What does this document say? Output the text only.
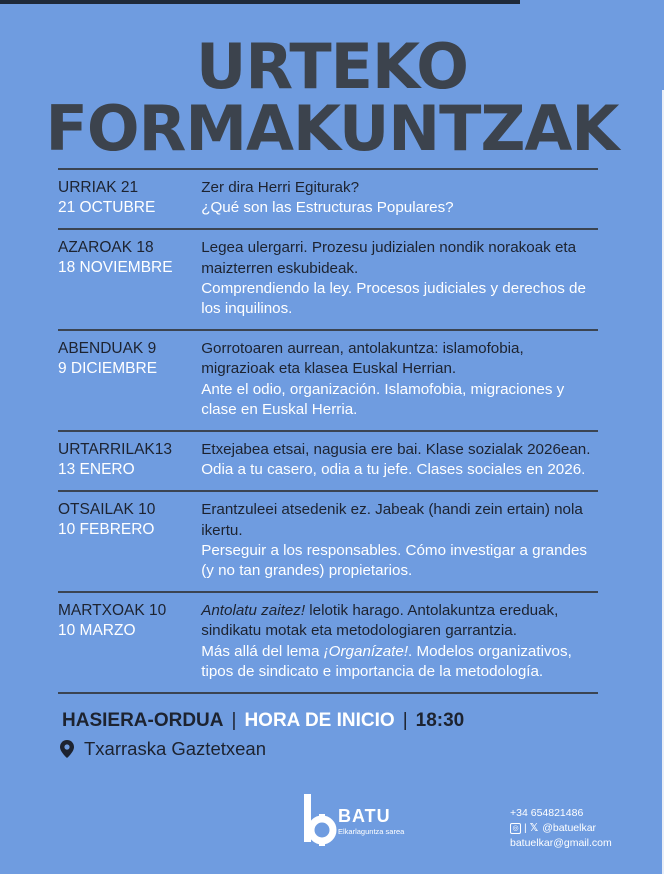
URTEKO
FORMAKUNTZAK
URRIAK 21
21 OCTUBRE
Zer dira Herri Egiturak?
¿Qué son las Estructuras Populares?
AZAROAK 18
18 NOVIEMBRE
Legea ulergarri. Prozesu judizialen nondik norakoak eta maizterren eskubideak.
Comprendiendo la ley. Procesos judiciales y derechos de los inquilinos.
ABENDUAK 9
9 DICIEMBRE
Gorrotoaren aurrean, antolakuntza: islamofobia, migrazioak eta klasea Euskal Herrian.
Ante el odio, organización. Islamofobia, migraciones y clase en Euskal Herria.
URTARRILAK13
13 ENERO
Etxejabea etsai, nagusia ere bai. Klase sozialak 2026ean.
Odia a tu casero, odia a tu jefe. Clases sociales en 2026.
OTSAILAK 10
10 FEBRERO
Erantzuleei atsedenik ez. Jabeak (handi zein ertain) nola ikertu.
Perseguir a los responsables. Cómo investigar a grandes (y no tan grandes) propietarios.
MARTXOAK 10
10 MARZO
Antolatu zaitez! lelotik harago. Antolakuntza ereduak, sindikatu motak eta metodologiaren garrantzia.
Más allá del lema ¡Organízate!. Modelos organizativos, tipos de sindicato e importancia de la metodología.
HASIERA-ORDUA | HORA DE INICIO | 18:30
Txarraska Gaztetxean
BATU
Elkarlaguntza sarea
+34 654821486
◎ | 𝕏 @batuelkar
batuelkar@gmail.com
